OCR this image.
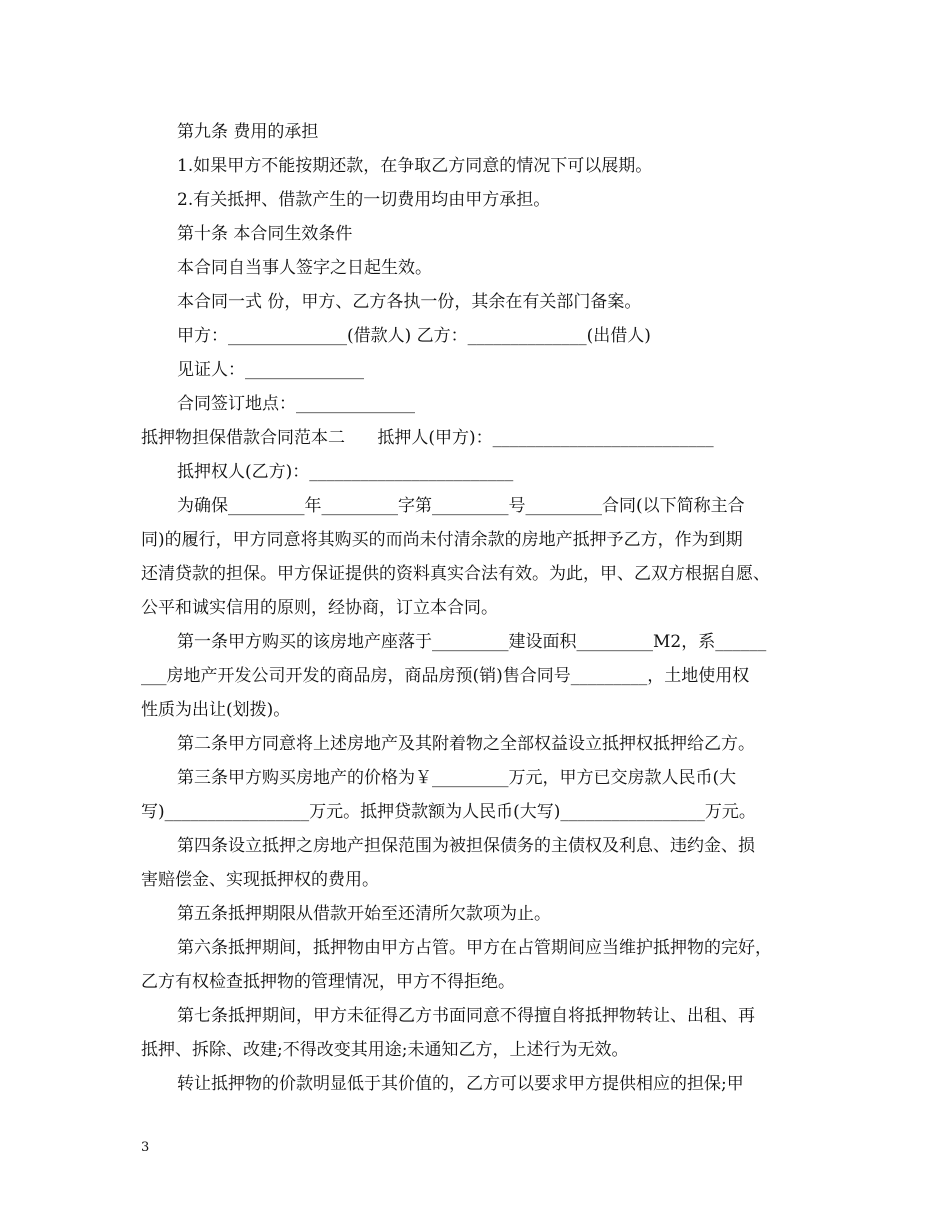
第九条 费用的承担
1.如果甲方不能按期还款，在争取乙方同意的情况下可以展期。
2.有关抵押、借款产生的一切费用均由甲方承担。
第十条 本合同生效条件
本合同自当事人签字之日起生效。
本合同一式 份，甲方、乙方各执一份，其余在有关部门备案。
甲方：______________(借款人) 乙方：______________(出借人)
见证人：______________
合同签订地点：______________
抵押物担保借款合同范本二      抵押人(甲方)：__________________________
抵押权人(乙方)：________________________
为确保_________年_________字第_________号_________合同(以下简称主合
同)的履行，甲方同意将其购买的而尚未付清余款的房地产抵押予乙方，作为到期
还清贷款的担保。甲方保证提供的资料真实合法有效。为此，甲、乙双方根据自愿、
公平和诚实信用的原则，经协商，订立本合同。
第一条甲方购买的该房地产座落于_________建设面积_________M2，系______
___房地产开发公司开发的商品房，商品房预(销)售合同号_________，土地使用权
性质为出让(划拨)。
第二条甲方同意将上述房地产及其附着物之全部权益设立抵押权抵押给乙方。
第三条甲方购买房地产的价格为￥_________万元，甲方已交房款人民币(大
写)_________________万元。抵押贷款额为人民币(大写)_________________万元。
第四条设立抵押之房地产担保范围为被担保债务的主债权及利息、违约金、损
害赔偿金、实现抵押权的费用。
第五条抵押期限从借款开始至还清所欠款项为止。
第六条抵押期间，抵押物由甲方占管。甲方在占管期间应当维护抵押物的完好，
乙方有权检查抵押物的管理情况，甲方不得拒绝。
第七条抵押期间，甲方未征得乙方书面同意不得擅自将抵押物转让、出租、再
抵押、拆除、改建;不得改变其用途;未通知乙方，上述行为无效。
转让抵押物的价款明显低于其价值的，乙方可以要求甲方提供相应的担保;甲
3
